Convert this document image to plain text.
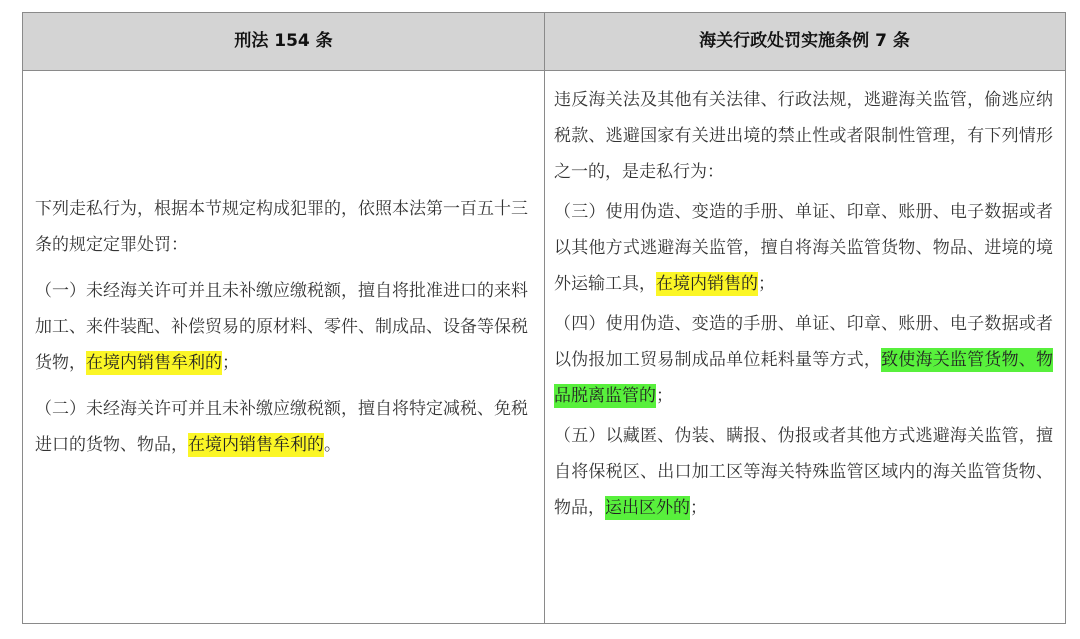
刑法 154 条	海关行政处罚实施条例 7 条

下列走私行为，根据本节规定构成犯罪的，依照本法第一百五十三条的规定定罪处罚：

（一）未经海关许可并且未补缴应缴税额，擅自将批准进口的来料加工、来件装配、补偿贸易的原材料、零件、制成品、设备等保税货物，在境内销售牟利的；

（二）未经海关许可并且未补缴应缴税额，擅自将特定减税、免税进口的货物、物品，在境内销售牟利的。

违反海关法及其他有关法律、行政法规，逃避海关监管，偷逃应纳税款、逃避国家有关进出境的禁止性或者限制性管理，有下列情形之一的，是走私行为：

（三）使用伪造、变造的手册、单证、印章、账册、电子数据或者以其他方式逃避海关监管，擅自将海关监管货物、物品、进境的境外运输工具，在境内销售的；

（四）使用伪造、变造的手册、单证、印章、账册、电子数据或者以伪报加工贸易制成品单位耗料量等方式，致使海关监管货物、物品脱离监管的；

（五）以藏匿、伪装、瞒报、伪报或者其他方式逃避海关监管，擅自将保税区、出口加工区等海关特殊监管区域内的海关监管货物、物品，运出区外的；
